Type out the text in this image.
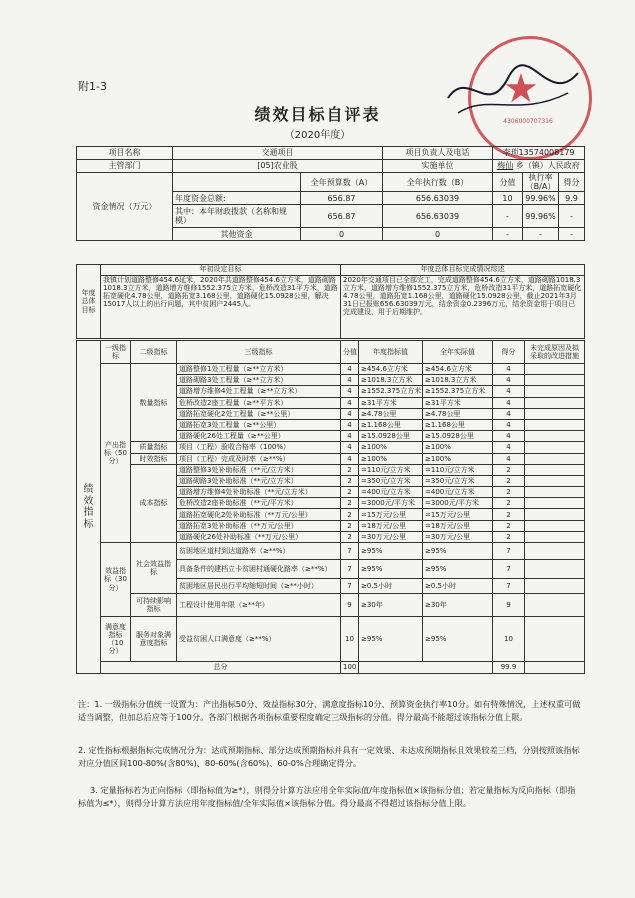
附1-3
绩效目标自评表
（2020年度）
★
4306000707316
项目名称	交通项目		项目负责人及电话	李琐13574008179		
主管部门	[05]农业股		实施单位	梅仙 乡（镇）人民政府		
资金情况（万元）		全年预算数（A）	全年执行数（B）	分值	执行率（B/A）	得分
	年度资金总额:	656.87	656.63039	10	99.96%	9.9
	其中：本年财政拨款（名称和规模）	656.87	656.63039	-	99.96%	-
	其他资金	0	0	-	-	-
年度总体目标	年初设定目标	年度总体目标完成情况综述
	我镇计划道路整修454.6延米，2020年共道路整修454.6立方米，道路砌路1018.3立方米，道路增方维修1552.375立方米，危桥改造31平方米，道路拓宽硬化4.78公里，道路拓宽3.168公里，道路硬化15.0928公里，解决15017人以上的出行问题，其中贫困户2445人。	2020年交通项目已全部完工，完成道路整修454.6立方米，道路砌路1018.3立方米，道路增方维修1552.375立方米，危桥改造31平方米，道路拓宽硬化4.78公里，道路拓宽1.168公里，道路硬化15.0928公里，截止2021年3月31日已报账656.63039万元，结余资金0.2396万元，结余资金用于项目已完成建设，用于后期维护。
绩效指标	一级指标	二级指标	三级指标	分值	年度指标值	全年实际值	得分	未完成原因及拟采取的改进措施
	产出指标（50分）	数量指标	道路整修1处工程量（≥**立方米）	4	≥454.6立方米	≥454.6立方米	4	
			道路砌路3处工程量（≥**立方米）	4	≥1018.3立方米	≥1018.3立方米	4	
			道路增方维修4处工程量（≥**立方米）	4	≥1552.375立方米	≥1552.375立方米	4	
			危桥改造2座工程量（≥**平方米）	4	≥31平方米	≥31平方米	4	
			道路拓宽硬化2处工程量（≥**公里）	4	≥4.78公里	≥4.78公里	4	
			道路拓宽3处工程量（≥**公里）	4	≥1.168公里	≥1.168公里	4	
			道路硬化26处工程量（≥**公里）	4	≥15.0928公里	≥15.0928公里	4	
		质量指标	项目（工程）验收合格率（100%）	4	≥100%	≥100%	4	
		时效指标	项目（工程）完成及时率（≥**%）	4	≥100%	≥100%	4	
		成本指标	道路整修3处补助标准（**元/立方米）	2	=110元/立方米	=110元/立方米	2	
			道路砌路3处补助标准（**元/立方米）	2	=350元/立方米	=350元/立方米	2	
			道路增方维修4处补助标准（**元/立方米）	2	=400元/立方米	=400元/立方米	2	
			危桥改造2座补助标准（**元/平方米）	2	=3000元/平方米	=3000元/平方米	2	
			道路拓宽硬化2处补助标准（**万元/公里）	2	=15万元/公里	=15万元/公里	2	
			道路拓宽3处补助标准（**万元/公里）	2	=18万元/公里	=18万元/公里	2	
			道路硬化26处补助标准（**万元/公里）	2	=30万元/公里	=30万元/公里	2	
	效益指标（30分）	社会效益指标	贫困地区道村到达道路率（≥**%）	7	≥95%	≥95%	7	
			具备条件的建档立卡贫困村通硬化路率（≥**%）	7	≥95%	≥95%	7	
			贫困地区居民出行平均缩短时间（≥**小时）	7	≥0.5小时	≥0.5小时	7	
		可持续影响指标	工程设计使用年限（≥**年）	9	≥30年	≥30年	9	
	满意度指标（10分）	服务对象满意度指标	受益贫困人口满意度（≥**%）	10	≥95%	≥95%	10	
	总分			100			99.9	
注：1. 一级指标分值统一设置为：产出指标50分、效益指标30分、满意度指标10分、预算资金执行率10分。如有特殊情况，上述权重可做适当调整，但加总后应等于100分。各部门根据各项指标重要程度确定三级指标的分值。得分最高不能超过该指标分值上限。
2. 定性指标根据指标完成情况分为：达成预期指标、部分达成预期指标并具有一定效果、未达成预期指标且效果较差三档，分别按照该指标对应分值区间100-80%(含80%)、80-60%(含60%)、60-0%合理确定得分。
3. 定量指标若为正向指标（即指标值为≥*），则得分计算方法应用全年实际值/年度指标值×该指标分值；若定量指标为反向指标（即指标值为≤*），则得分计算方法应用年度指标值/全年实际值×该指标分值。得分最高不得超过该指标分值上限。
